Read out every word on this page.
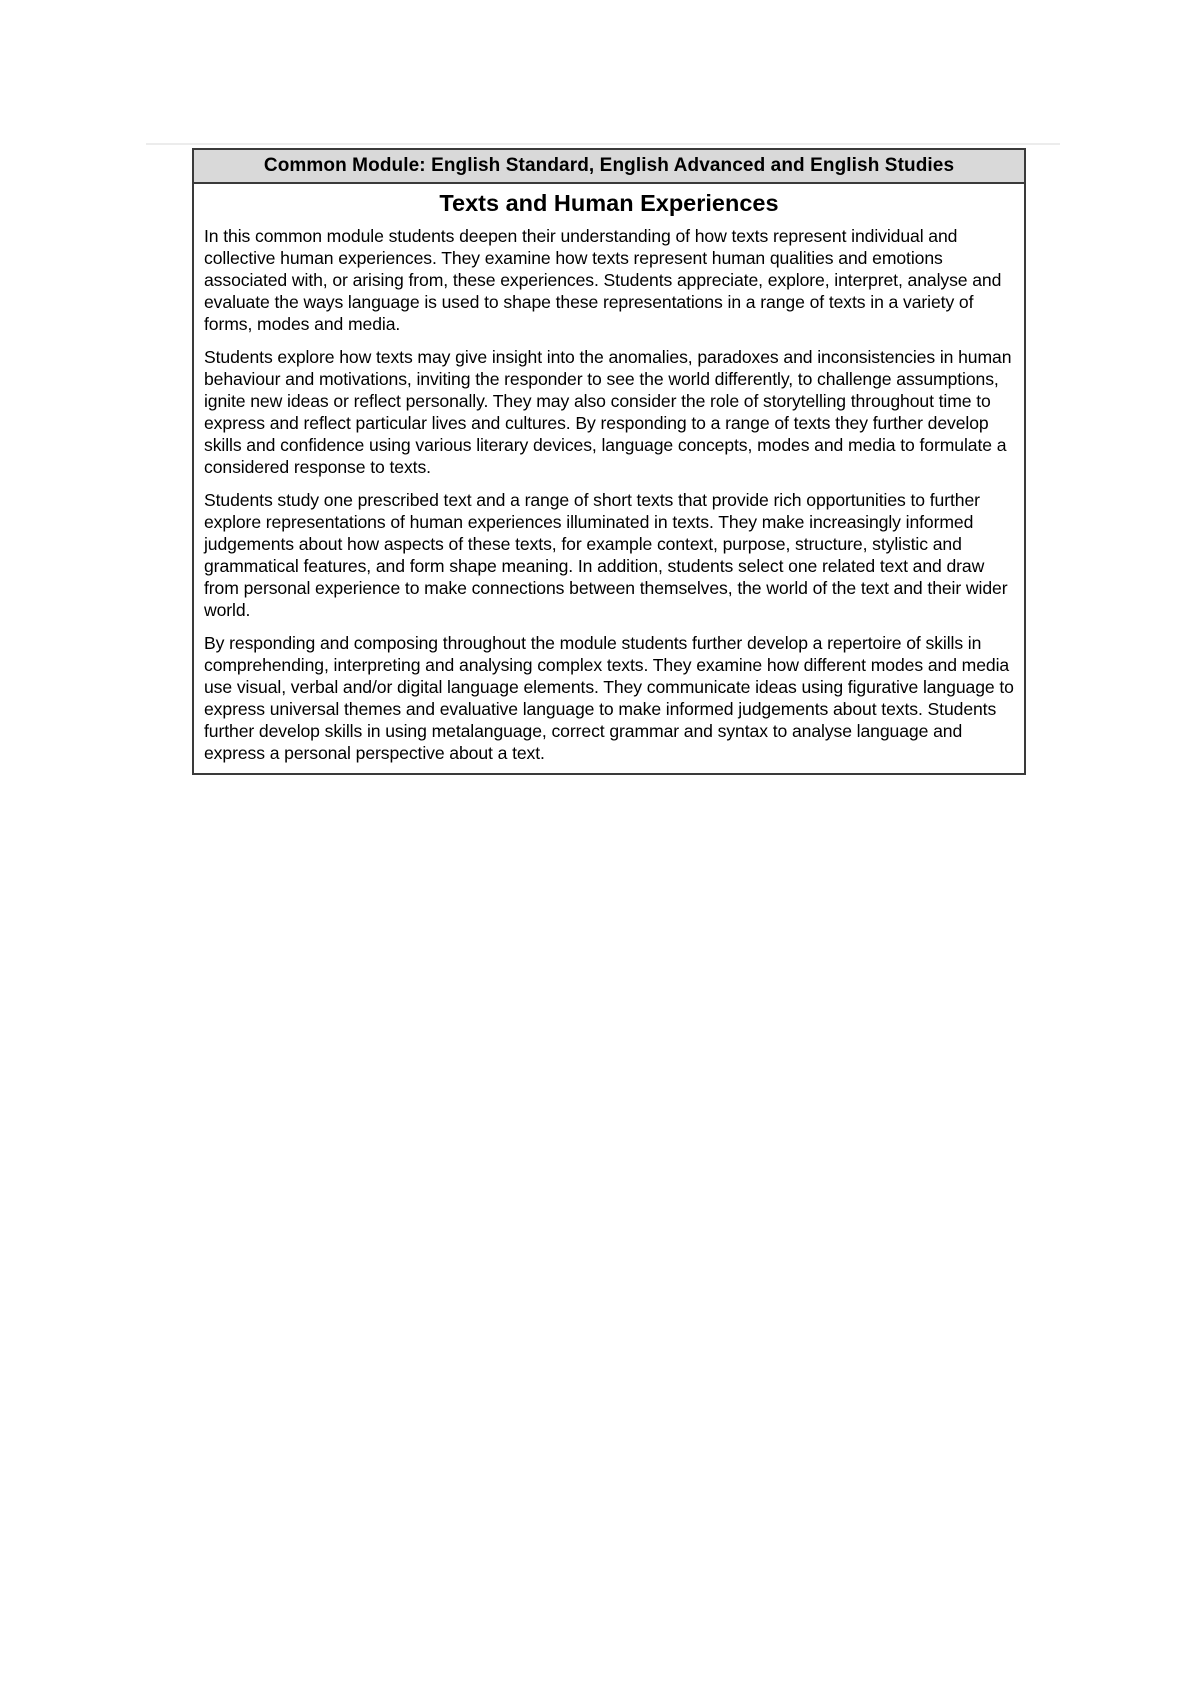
Common Module: English Standard, English Advanced and English Studies
Texts and Human Experiences

In this common module students deepen their understanding of how texts represent individual and collective human experiences. They examine how texts represent human qualities and emotions associated with, or arising from, these experiences. Students appreciate, explore, interpret, analyse and evaluate the ways language is used to shape these representations in a range of texts in a variety of forms, modes and media.

Students explore how texts may give insight into the anomalies, paradoxes and inconsistencies in human behaviour and motivations, inviting the responder to see the world differently, to challenge assumptions, ignite new ideas or reflect personally. They may also consider the role of storytelling throughout time to express and reflect particular lives and cultures. By responding to a range of texts they further develop skills and confidence using various literary devices, language concepts, modes and media to formulate a considered response to texts.

Students study one prescribed text and a range of short texts that provide rich opportunities to further explore representations of human experiences illuminated in texts. They make increasingly informed judgements about how aspects of these texts, for example context, purpose, structure, stylistic and grammatical features, and form shape meaning. In addition, students select one related text and draw from personal experience to make connections between themselves, the world of the text and their wider world.

By responding and composing throughout the module students further develop a repertoire of skills in comprehending, interpreting and analysing complex texts. They examine how different modes and media use visual, verbal and/or digital language elements. They communicate ideas using figurative language to express universal themes and evaluative language to make informed judgements about texts. Students further develop skills in using metalanguage, correct grammar and syntax to analyse language and express a personal perspective about a text.
